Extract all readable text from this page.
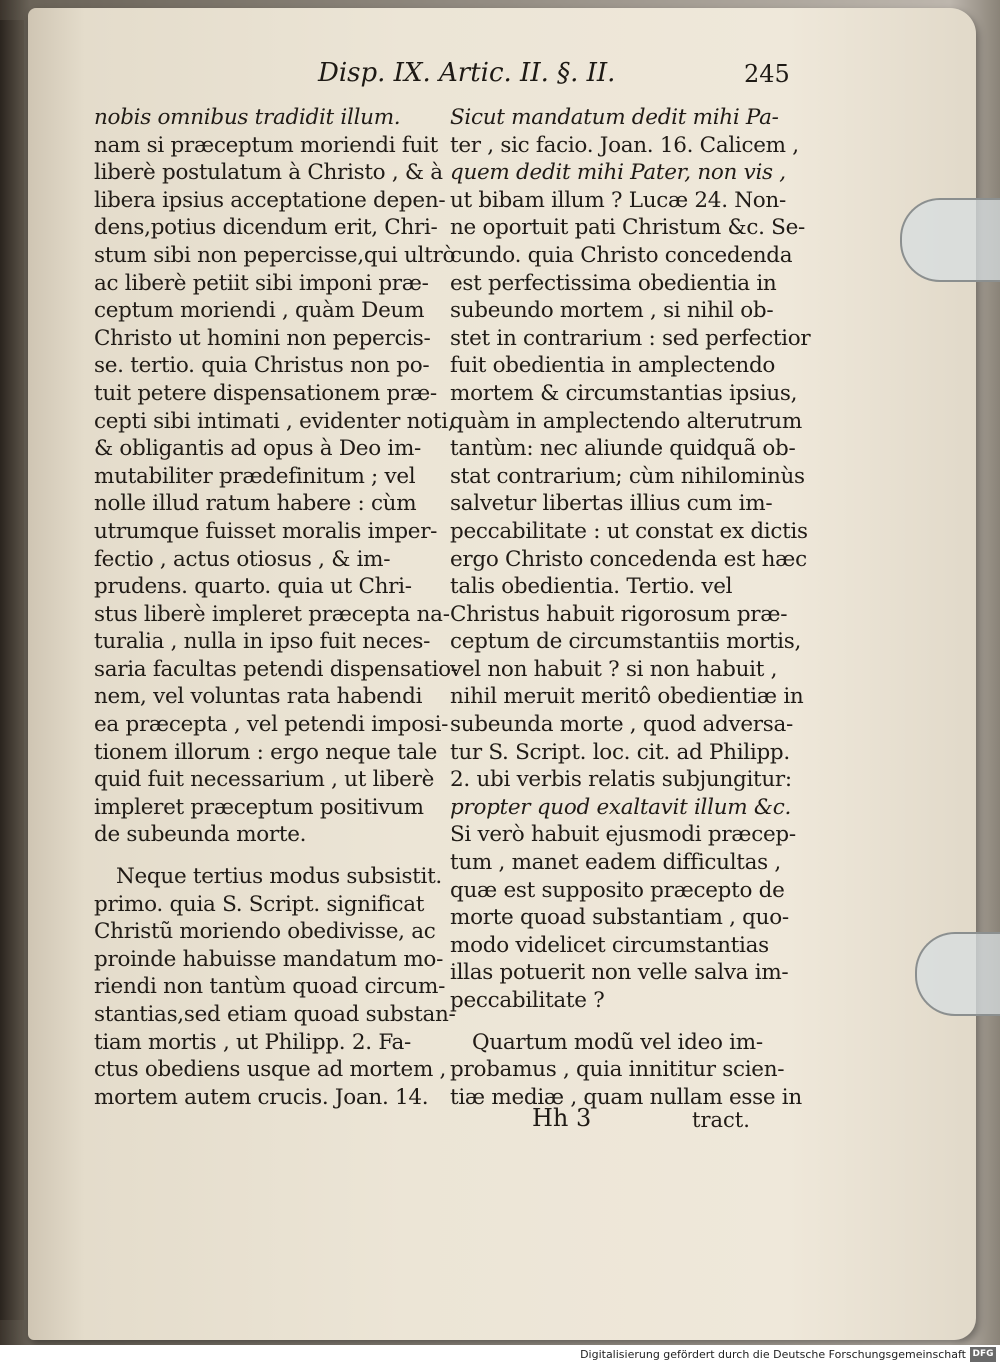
Disp. IX. Artic. II. §. II.	245
nobis omnibus tradidit illum.
nam si præceptum moriendi fuit
liberè postulatum à Christo , & à
libera ipsius acceptatione depen-
dens,potius dicendum erit, Chri-
stum sibi non pepercisse,qui ultrò
ac liberè petiit sibi imponi præ-
ceptum moriendi , quàm Deum
Christo ut homini non pepercis-
se. tertio. quia Christus non po-
tuit petere dispensationem præ-
cepti sibi intimati , evidenter noti,
& obligantis ad opus à Deo im-
mutabiliter prædefinitum ; vel
nolle illud ratum habere : cùm
utrumque fuisset moralis imper-
fectio , actus otiosus , & im-
prudens. quarto. quia ut Chri-
stus liberè impleret præcepta na-
turalia , nulla in ipso fuit neces-
saria facultas petendi dispensatio-
nem, vel voluntas rata habendi
ea præcepta , vel petendi imposi-
tionem illorum : ergo neque tale
quid fuit necessarium , ut liberè
impleret præceptum positivum
de subeunda morte.
Neque tertius modus subsistit.
primo. quia S. Script. significat
Christũ moriendo obedivisse, ac
proinde habuisse mandatum mo-
riendi non tantùm quoad circum-
stantias,sed etiam quoad substan-
tiam mortis , ut Philipp. 2. Fa-
ctus obediens usque ad mortem ,
mortem autem crucis. Joan. 14.
Sicut mandatum dedit mihi Pa-
ter , sic facio. Joan. 16. Calicem ,
quem dedit mihi Pater, non vis ,
ut bibam illum ? Lucæ 24. Non-
ne oportuit pati Christum &c. Se-
cundo. quia Christo concedenda
est perfectissima obedientia in
subeundo mortem , si nihil ob-
stet in contrarium : sed perfectior
fuit obedientia in amplectendo
mortem & circumstantias ipsius,
quàm in amplectendo alterutrum
tantùm: nec aliunde quidquã ob-
stat contrarium; cùm nihilominùs
salvetur libertas illius cum im-
peccabilitate : ut constat ex dictis
ergo Christo concedenda est hæc
talis obedientia. Tertio. vel
Christus habuit rigorosum præ-
ceptum de circumstantiis mortis,
vel non habuit ? si non habuit ,
nihil meruit meritô obedientiæ in
subeunda morte , quod adversa-
tur S. Script. loc. cit. ad Philipp.
2. ubi verbis relatis subjungitur:
propter quod exaltavit illum &c.
Si verò habuit ejusmodi præcep-
tum , manet eadem difficultas ,
quæ est supposito præcepto de
morte quoad substantiam , quo-
modo videlicet circumstantias
illas potuerit non velle salva im-
peccabilitate ?
Quartum modũ vel ideo im-
probamus , quia innititur scien-
tiæ mediæ , quam nullam esse in
Hh 3	tract.
Digitalisierung gefördert durch die Deutsche Forschungsgemeinschaft DFG
